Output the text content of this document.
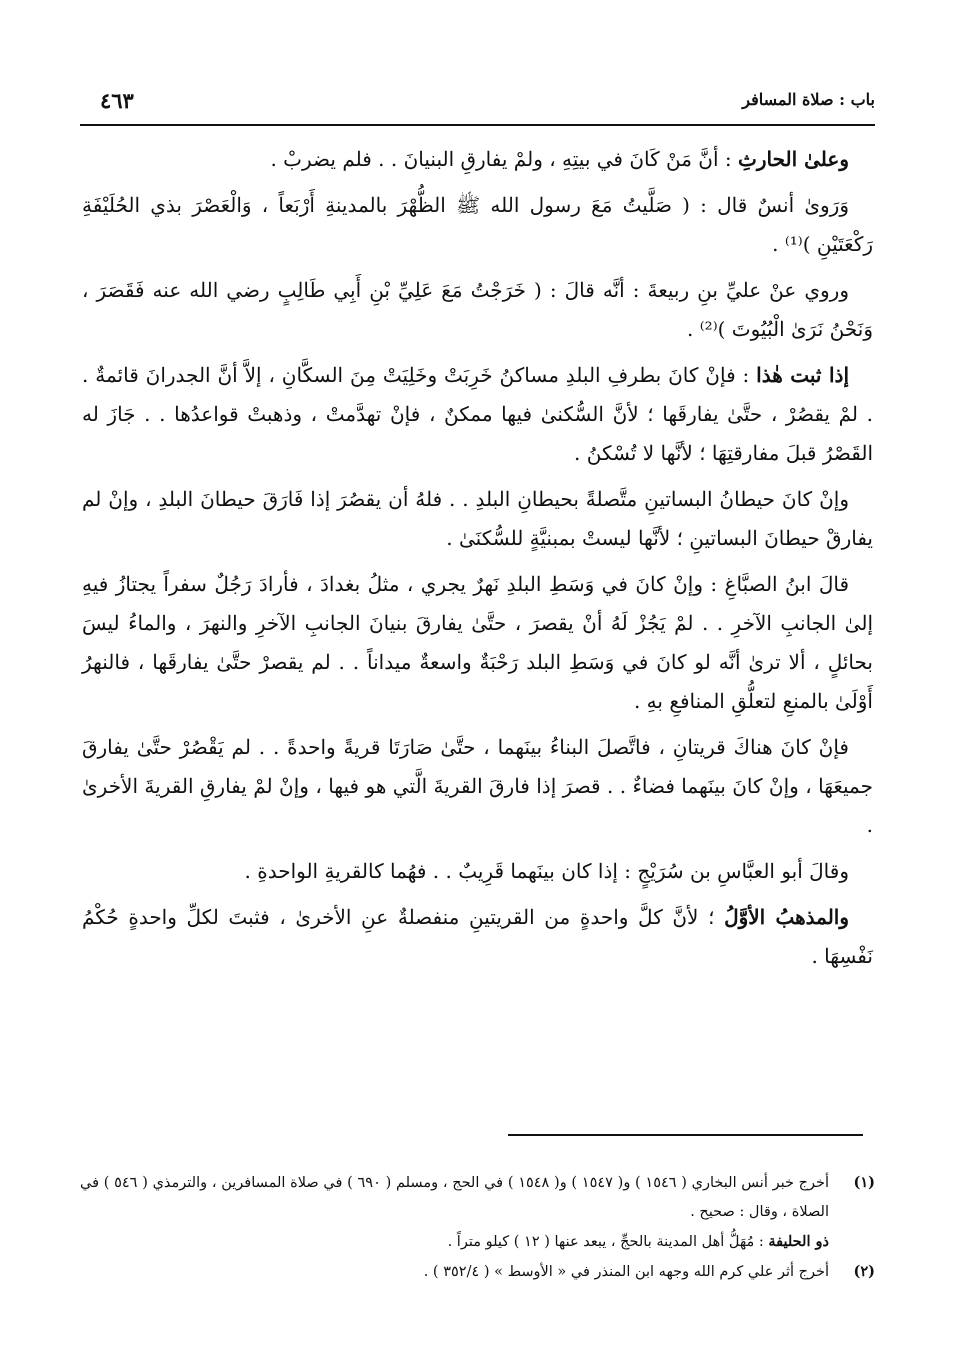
باب : صلاة المسافر
٤٦٣

وعلىٰ الحارثِ : أنَّ مَنْ كَانَ في بيتِهِ ، ولمْ يفارقِ البنيانَ . . فلم يضربْ .

وَرَوىٰ أنسٌ قال : ( صَلَّيتُ مَعَ رسول الله ﷺ الظُّهْرَ بالمدينةِ أَرْبَعاً ، وَالْعَصْرَ بذي الحُلَيْفَةِ رَكْعَتَيْنِ )⁽¹⁾ .

وروي عنْ عليِّ بنِ ربيعةَ : أنَّه قالَ : ( خَرَجْتُ مَعَ عَلِيِّ بْنِ أَبِي طَالِبٍ رضي الله عنه فَقَصَرَ ، وَنَحْنُ نَرَىٰ الْبُيُوتَ )⁽²⁾ .

إذا ثبت هٰذا : فإنْ كانَ بطرفِ البلدِ مساكنُ خَرِبَتْ وخَلِيَتْ مِنَ السكَّانِ ، إلاَّ أنَّ الجدرانَ قائمةٌ . . لمْ يقصُرْ ، حتَّىٰ يفارقَها ؛ لأنَّ السُّكنىٰ فيها ممكنٌ ، فإنْ تهدَّمتْ ، وذهبتْ قواعدُها . . جَازَ له القَصْرُ قبلَ مفارقتِهَا ؛ لأنَّها لا تُسْكنُ .

وإنْ كانَ حيطانُ البساتينِ متَّصلةً بحيطانِ البلدِ . . فلهُ أن يقصُرَ إذا فَارَقَ حيطانَ البلدِ ، وإنْ لم يفارقْ حيطانَ البساتينِ ؛ لأنَّها ليستْ بمبنيَّةٍ للسُّكنَىٰ .

قالَ ابنُ الصبَّاغِ : وإنْ كانَ في وَسَطِ البلدِ نَهرٌ يجري ، مثلُ بغدادَ ، فأرادَ رَجُلٌ سفراً يجتازُ فيهِ إلىٰ الجانبِ الآخرِ . . لمْ يَجُزْ لَهُ أنْ يقصرَ ، حتَّىٰ يفارقَ بنيانَ الجانبِ الآخرِ والنهرَ ، والماءُ ليسَ بحائلٍ ، ألا ترىٰ أنَّه لو كانَ في وَسَطِ البلد رَحْبَةٌ واسعةٌ ميداناً . . لم يقصرْ حتَّىٰ يفارقَها ، فالنهرُ أَوْلَىٰ بالمنعِ لتعلُّقِ المنافعِ بهِ .

فإنْ كانَ هناكَ قريتانِ ، فاتَّصلَ البناءُ بينَهما ، حتَّىٰ صَارَتَا قريةً واحدةً . . لم يَقْصُرْ حتَّىٰ يفارقَ جميعَهَا ، وإنْ كانَ بينَهما فضاءٌ . . قصرَ إذا فارقَ القريةَ الَّتي هو فيها ، وإنْ لمْ يفارقِ القريةَ الأخرىٰ .

وقالَ أبو العبَّاسِ بن سُرَيْجٍ : إذا كان بينَهما قَرِيبٌ . . فهُما كالقريةِ الواحدةِ .

والمذهبُ الأوَّلُ ؛ لأنَّ كلَّ واحدةٍ من القريتينِ منفصلةٌ عنِ الأخرىٰ ، فثبتَ لكلِّ واحدةٍ حُكْمُ نَفْسِهَا .

(١)

أخرج خبر أنس البخاري ( ١٥٤٦ ) و( ١٥٤٧ ) و( ١٥٤٨ ) في الحج ، ومسلم ( ٦٩٠ ) في صلاة المسافرين ، والترمذي ( ٥٤٦ ) في الصلاة ، وقال : صحيح .

ذو الحليفة : مُهَلُّ أهل المدينة بالحجِّ ، يبعد عنها ( ١٢ ) كيلو متراً .

(٢)

أخرج أثر علي كرم الله وجهه ابن المنذر في « الأوسط » ( ٣٥٢/٤ ) .
